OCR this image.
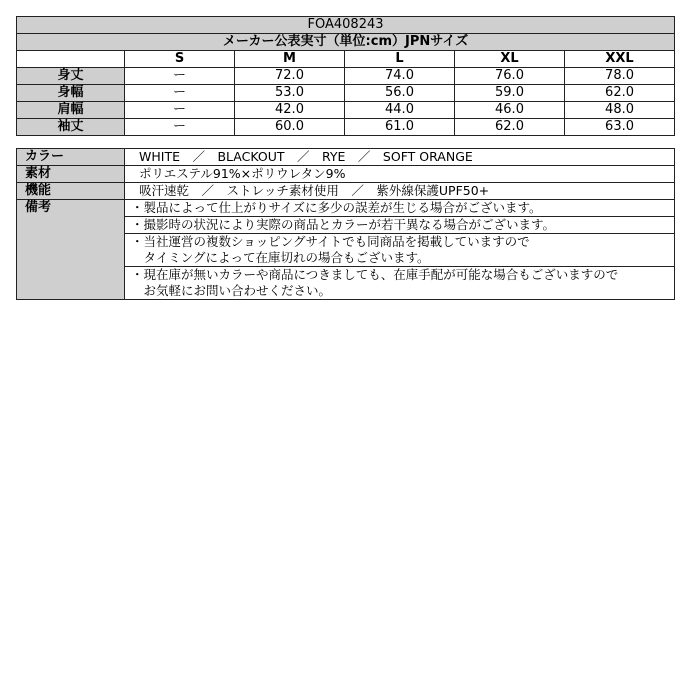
FOA408243					
メーカー公表実寸（単位:cm）JPNサイズ					
	S	M	L	XL	XXL
身丈	ー	72.0	74.0	76.0	78.0
身幅	ー	53.0	56.0	59.0	62.0
肩幅	ー	42.0	44.0	46.0	48.0
袖丈	ー	60.0	61.0	62.0	63.0
カラー	WHITE　／　BLACKOUT　／　RYE　／　SOFT ORANGE
素材	ポリエステル91%×ポリウレタン9%
機能	吸汗速乾　／　ストレッチ素材使用　／　紫外線保護UPF50+
備考	・製品によって仕上がりサイズに多少の誤差が生じる場合がございます。

	・撮影時の状況により実際の商品とカラーが若干異なる場合がございます。

	・当社運営の複数ショッピングサイトでも同商品を掲載していますので
　タイミングによって在庫切れの場合もございます。

	・現在庫が無いカラーや商品につきましても、在庫手配が可能な場合もございますので
　お気軽にお問い合わせください。
